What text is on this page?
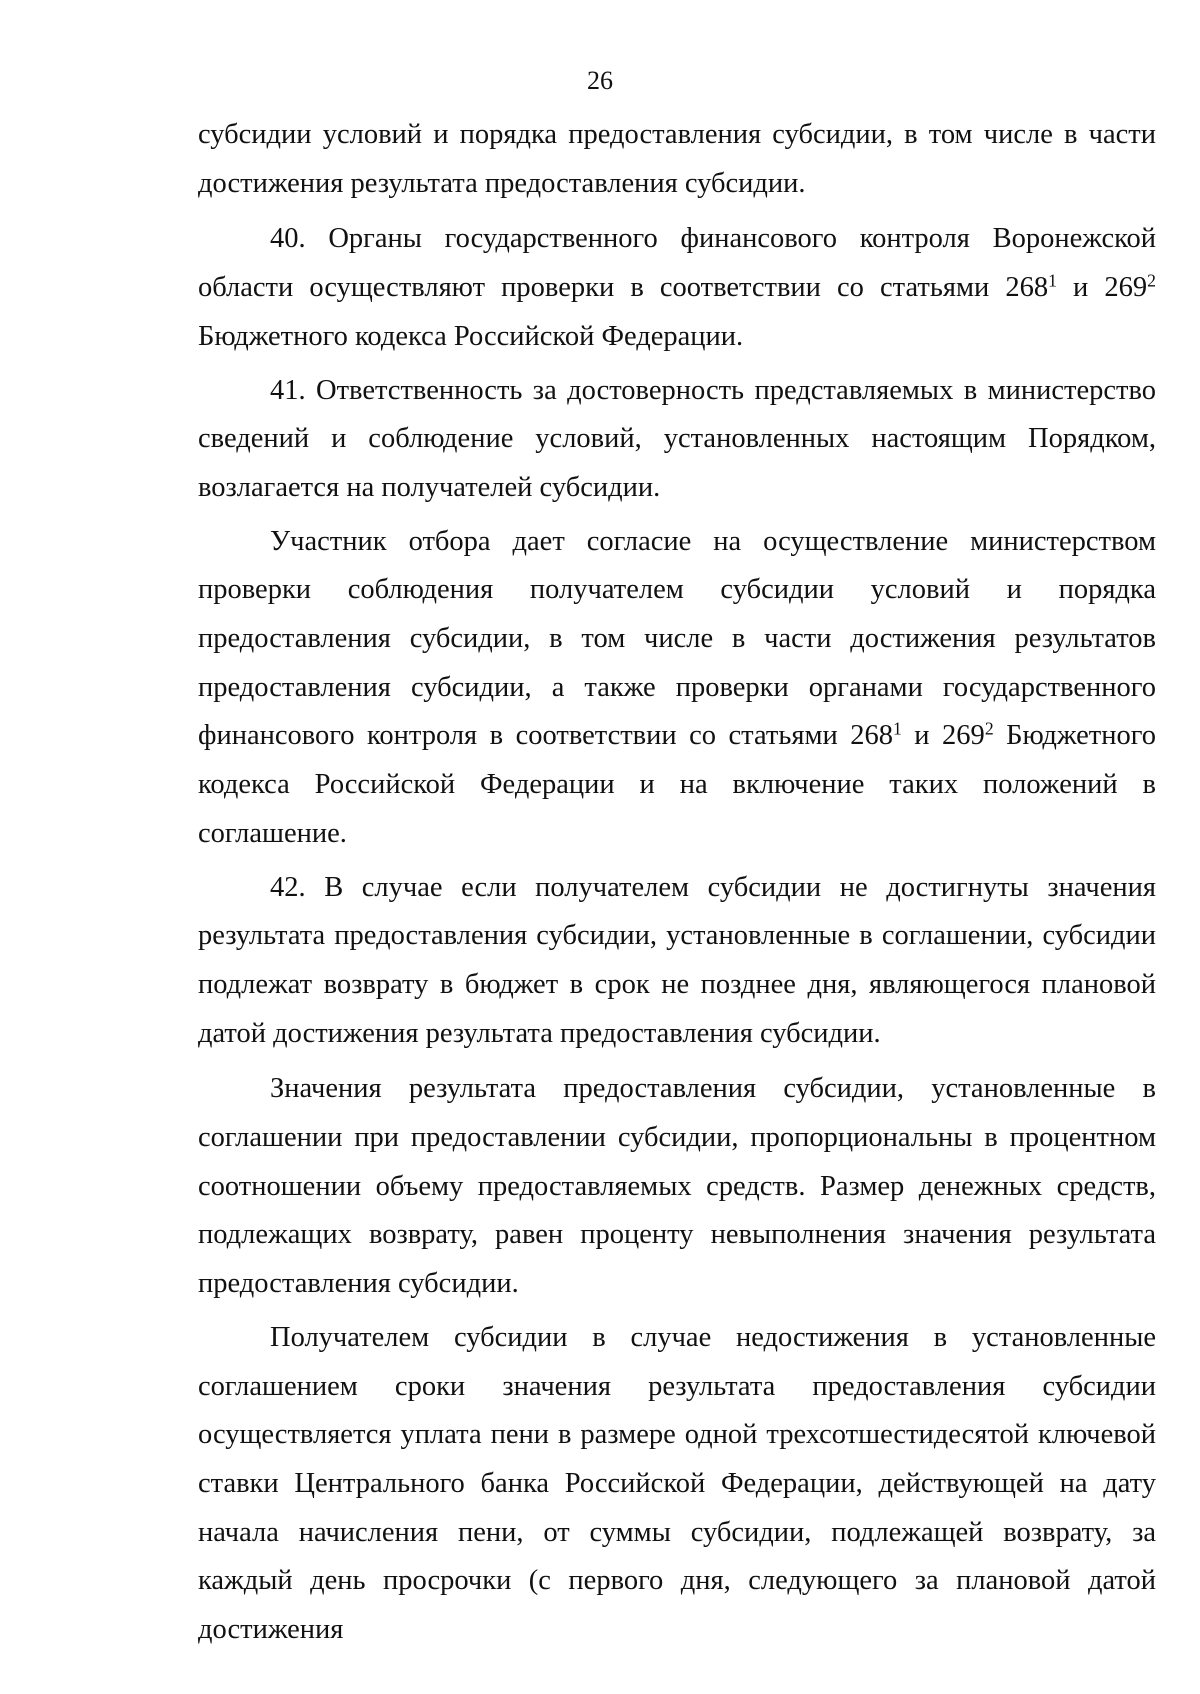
26

субсидии условий и порядка предоставления субсидии, в том числе в части достижения результата предоставления субсидии.

40. Органы государственного финансового контроля Воронежской области осуществляют проверки в соответствии со статьями $268^1$ и $269^2$ Бюджетного кодекса Российской Федерации.

41. Ответственность за достоверность представляемых в министерство сведений и соблюдение условий, установленных настоящим Порядком, возлагается на получателей субсидии.

Участник отбора дает согласие на осуществление министерством проверки соблюдения получателем субсидии условий и порядка предоставления субсидии, в том числе в части достижения результатов предоставления субсидии, а также проверки органами государственного финансового контроля в соответствии со статьями $268^1$ и $269^2$ Бюджетного кодекса Российской Федерации и на включение таких положений в соглашение.

42. В случае если получателем субсидии не достигнуты значения результата предоставления субсидии, установленные в соглашении, субсидии подлежат возврату в бюджет в срок не позднее дня, являющегося плановой датой достижения результата предоставления субсидии.

Значения результата предоставления субсидии, установленные в соглашении при предоставлении субсидии, пропорциональны в процентном соотношении объему предоставляемых средств. Размер денежных средств, подлежащих возврату, равен проценту невыполнения значения результата предоставления субсидии.

Получателем субсидии в случае недостижения в установленные соглашением сроки значения результата предоставления субсидии осуществляется уплата пени в размере одной трехсотшестидесятой ключевой ставки Центрального банка Российской Федерации, действующей на дату начала начисления пени, от суммы субсидии, подлежащей возврату, за каждый день просрочки (с первого дня, следующего за плановой датой достижения
